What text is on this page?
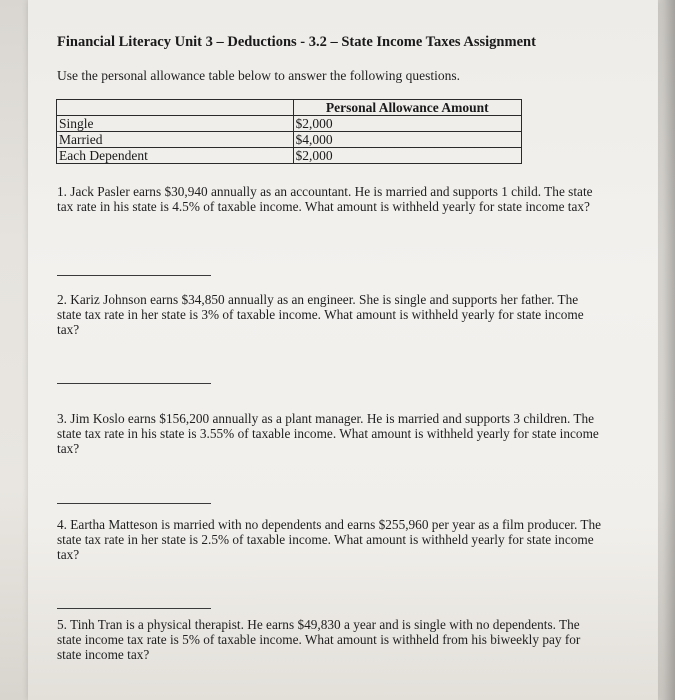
Financial Literacy Unit 3 – Deductions - 3.2 – State Income Taxes Assignment
Use the personal allowance table below to answer the following questions.
	Personal Allowance Amount
Single	$2,000
Married	$4,000
Each Dependent	$2,000
1. Jack Pasler earns $30,940 annually as an accountant. He is married and supports 1 child. The state tax rate in his state is 4.5% of taxable income. What amount is withheld yearly for state income tax?
2. Kariz Johnson earns $34,850 annually as an engineer. She is single and supports her father. The state tax rate in her state is 3% of taxable income. What amount is withheld yearly for state income tax?
3. Jim Koslo earns $156,200 annually as a plant manager. He is married and supports 3 children. The state tax rate in his state is 3.55% of taxable income. What amount is withheld yearly for state income tax?
4. Eartha Matteson is married with no dependents and earns $255,960 per year as a film producer. The state tax rate in her state is 2.5% of taxable income. What amount is withheld yearly for state income tax?
5. Tinh Tran is a physical therapist. He earns $49,830 a year and is single with no dependents. The state income tax rate is 5% of taxable income. What amount is withheld from his biweekly pay for state income tax?
